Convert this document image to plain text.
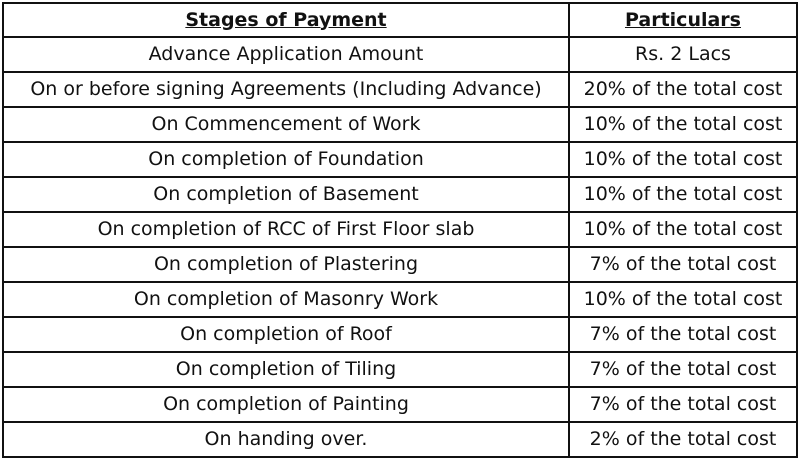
Stages of Payment	Particulars
Advance Application Amount	Rs. 2 Lacs
On or before signing Agreements (Including Advance)	20% of the total cost
On Commencement of Work	10% of the total cost
On completion of Foundation	10% of the total cost
On completion of Basement	10% of the total cost
On completion of RCC of First Floor slab	10% of the total cost
On completion of Plastering	7% of the total cost
On completion of Masonry Work	10% of the total cost
On completion of Roof	7% of the total cost
On completion of Tiling	7% of the total cost
On completion of Painting	7% of the total cost
On handing over.	2% of the total cost
